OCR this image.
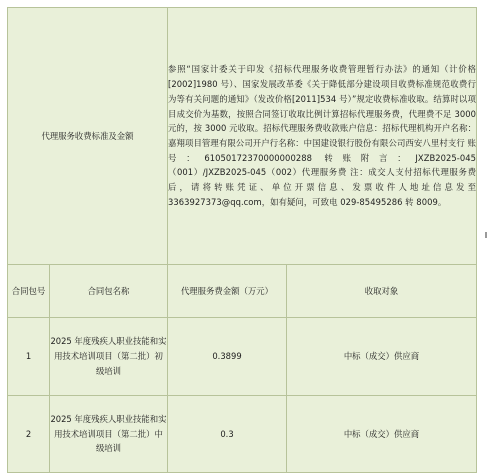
代理服务收费标准及金额		参照“国家计委关于印发《招标代理服务收费管理暂行办法》的通知（计价格[2002]1980 号）、国家发展改革委《关于降低部分建设项目收费标准规范收费行为等有关问题的通知》（发改价格[2011]534 号）”规定收费标准收取。结算时以项目成交价为基数，按照合同签订收取比例计算招标代理服务费，代理费不足 3000 元的，按 3000 元收取。招标代理服务费收款账户信息：招标代理机构开户名称：嘉翔项目管理有限公司开户行名称：中国建设银行股份有限公司西安八里村支行 账号：61050172370000000288 转账附言：JXZB2025-045（001）/JXZB2025-045（002）代理服务费 注：成交人支付招标代理服务费后，请将转账凭证、单位开票信息、发票收件人地址信息发至 3363927373@qq.com，如有疑问，可致电 029-85495286 转 8009。	
合同包号	合同包名称	代理服务费金额（万元）	收取对象
1	2025 年度残疾人职业技能和实用技术培训项目（第二批）初级培训	0.3899	中标（成交）供应商
2	2025 年度残疾人职业技能和实用技术培训项目（第二批）中级培训	0.3	中标（成交）供应商
